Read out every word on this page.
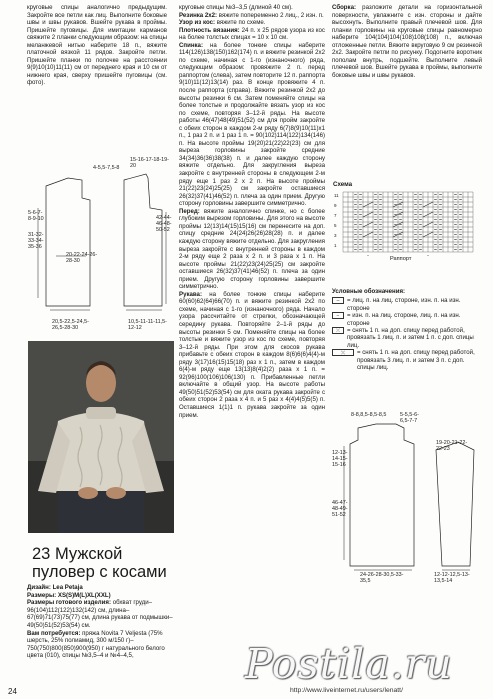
круговые спицы аналогично предыдущим. Закройте все петли как лиц. Выполните боковые швы и швы рукавов. Вшейте рукава в проймы. Пришейте пуговицы. Для имитации карманов свяжите 2 планки следующим образом: на спицы меланжевой нитью наберите 18 п., вяжите платочной вязкой 11 рядов. Закройте петли. Пришейте планки по полочке на расстоянии 9(9)10(10)11(11) см от переднего края и 10 см от нижнего края, сверху пришейте пуговицы (см. фото).

4-5,5-7,5-8
15-16-17-18-19-20
5-6-7-8-9-10
31-32-33-34-35-36
20-22-24-26-28-30
42-44-46-48-50-52
20,5-22,5-24,5-26,5-28-30
10,5-11-11-11,5-12-12
23 Мужской
пуловер с косами

Дизайн: Lea Petaja

Размеры: XS(S)M(L)XL(XXL)

Размеры готового изделия: обхват груди– 96(104)112(122)132(142) см, длина– 67(69)71(73)75(77) см, длина рукава от подмышки– 49(50)51(52)53(54) см.

Вам потребуется: пряжа Novita 7 Veljesta (75% шерсть, 25% полиамид, 300 м/150 г)– 750(750)800(850)900(950) г натурального белого цвета (010), спицы №3,5–4 и №4–4,5,

круговые спицы №3–3,5 (длиной 40 см).

Резинка 2х2: вяжите попеременно 2 лиц., 2 изн. п.

Узор из кос: вяжите по схеме.

Плотность вязания: 24 п. х 25 рядов узора из кос на более толстых спицах = 10 x 10 см.

Спинка: на более тонкие спицы наберите 114(126)138(150)162(174) п. и вяжите резинкой 2х2 по схеме, начиная с 1-го (изнаночного) ряда, следующим образом: провяжите 2 п. перед раппортом (слева), затем повторите 12 п. раппорта 9(10)11(12)13(14) раз. В конце провяжите 4 п. после раппорта (справа). Вяжите резинкой 2х2 до высоты резинки 6 см. Затем поменяйте спицы на более толстые и продолжайте вязать узор из кос по схеме, повторяя 3–12-й ряды. На высоте работы 46(47)48(49)51(52) см для пройм закройте с обеих сторон в каждом 2-м ряду 6(7)8(9)10(11)х1 п., 1 раз 2 п. и 1 раз 1 п. = 90(102)114(122)134(146) п. На высоте проймы 19(20)21(22)22(23) см для выреза горловины закройте средние 34(34)36(36)38(38) п. и далее каждую сторону вяжите отдельно. Для закругления выреза закройте с внутренней стороны в следующем 2-м ряду еще 1 раз 2 х 2 п. На высоте проймы 21(22)23(24)25(25) см закройте оставшиеся 26(32)37(41)46(52) п. плеча за один прием. Другую сторону горловины завершите симметрично.

Перед: вяжите аналогично спинке, но с более глубоким вырезом горловины. Для этого на высоте проймы 12(13)14(15)15(16) см перенесите на доп. спицу средние 24(24)26(26)28(28) п. и далее каждую сторону вяжите отдельно. Для закругления выреза закройте с внутренней стороны в каждом 2-м ряду еще 2 раза х 2 п. и 3 раза х 1 п. На высоте проймы 21(22)23(24)25(25) см закройте оставшиеся 26(32)37(41)46(52) п. плеча за один прием. Другую сторону горловины завершите симметрично.

Рукава: на более тонкие спицы наберите 60(60)62(64)66(70) п. и вяжите резинкой 2х2 по схеме, начиная с 1-го (изнаночного) ряда. Начало узора рассчитайте от стрелки, обозначающей середину рукава. Повторяйте 2–1-й ряды до высоты резинки 5 см. Поменяйте спицы на более толстые и вяжите узор из кос по схеме, повторяя 3–12-й ряды. При этом для скосов рукава прибавьте с обеих сторон в каждом 8(6)6(6)4(4)-м ряду 3(17)16(15)15(18) раз х 1 п., затем в каждом 6(4)-м ряду еще 13(13)8(4)2(2) раза х 1 п. = 92(96)100(106)106(130) п. Прибавленные петли включайте в общий узор. На высоте работы 49(50)51(52)53(54) см для оката рукава закройте с обеих сторон 2 раза х 4 п. и 5 раз х 4(4)4(5)5(5) п. Оставшиеся 1(1)1 п. рукава закройте за один прием.

Сборка: разложите детали на горизонтальной поверхности, увлажните с изн. стороны и дайте высохнуть. Выполните правый плечевой шов. Для планки горловины на круговые спицы равномерно наберите 104(104)104(108)108(108) п., включая отложенные петли. Вяжите вкруговую 9 см резинкой 2х2. Закройте петли по рисунку. Подогните воротник пополам внутрь, подшейте. Выполните левый плечевой шов. Вшейте рукава в проймы, выполните боковые швы и швы рукавов.

Схема
11
9
7
5
3
1
Раппорт
Условные обозначения:
–	= лиц. п. на лиц. стороне, изн. п. на изн. стороне
−	= изн. п. на лиц. стороне, лиц. п. на изн. стороне
⤫	= снять 1 п. на доп. спицу перед работой, провязать 1 лиц. п. и затем 1 п. с доп. спицы лиц.
⤬	= снять 1 п. на доп. спицу перед работой, провязать 3 лиц. п. и затем 3 п. с доп. спицы лиц.
8-8,8,5-8,5-8,5	5-5,5-6-6,5-7-7
19-20-21-22-22-23
12-13-14-15-15-16
46-47-48-49-51-52
24-26-28-30,5-33-35,5
12-12-12,5-13-13,5-14
24
Postila.ru
http://www.liveinternet.ru/users/lenatt/
